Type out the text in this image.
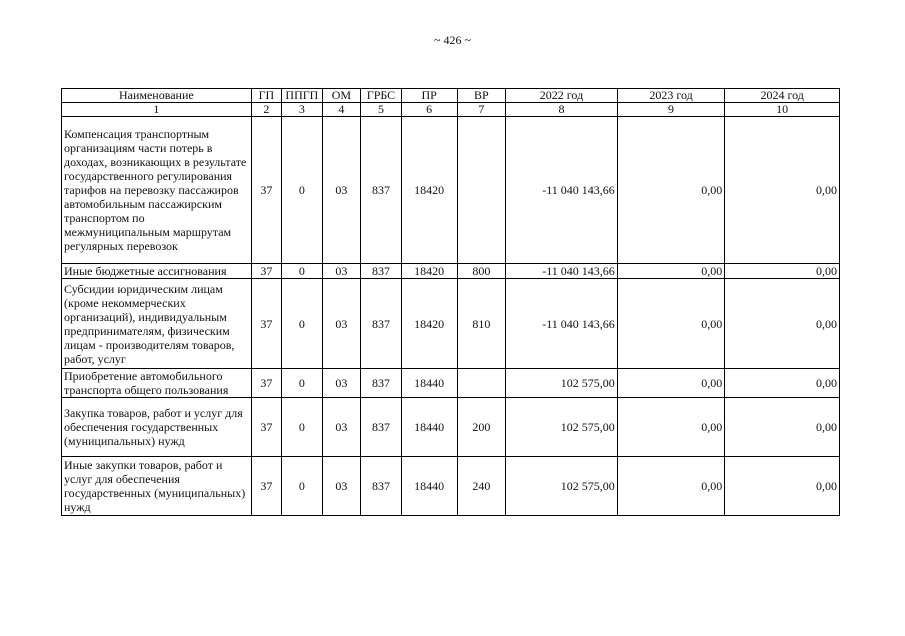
~ 426 ~
Наименование	ГП	ППГП	ОМ	ГРБС	ПР	ВР	2022 год	2023 год	2024 год
1	2	3	4	5	6	7	8	9	10
Компенсация транспортным организациям части потерь в доходах, возникающих в результате государственного регулирования тарифов на перевозку пассажиров автомобильным пассажирским транспортом по межмуниципальным маршрутам регулярных перевозок	37	0	03	837	18420		-11 040 143,66	0,00	0,00
Иные бюджетные ассигнования	37	0	03	837	18420	800	-11 040 143,66	0,00	0,00
Субсидии юридическим лицам (кроме некоммерческих организаций), индивидуальным предпринимателям, физическим лицам - производителям товаров, работ, услуг	37	0	03	837	18420	810	-11 040 143,66	0,00	0,00
Приобретение автомобильного транспорта общего пользования	37	0	03	837	18440		102 575,00	0,00	0,00
Закупка товаров, работ и услуг для обеспечения государственных (муниципальных) нужд	37	0	03	837	18440	200	102 575,00	0,00	0,00
Иные закупки товаров, работ и услуг для обеспечения государственных (муниципальных) нужд	37	0	03	837	18440	240	102 575,00	0,00	0,00
